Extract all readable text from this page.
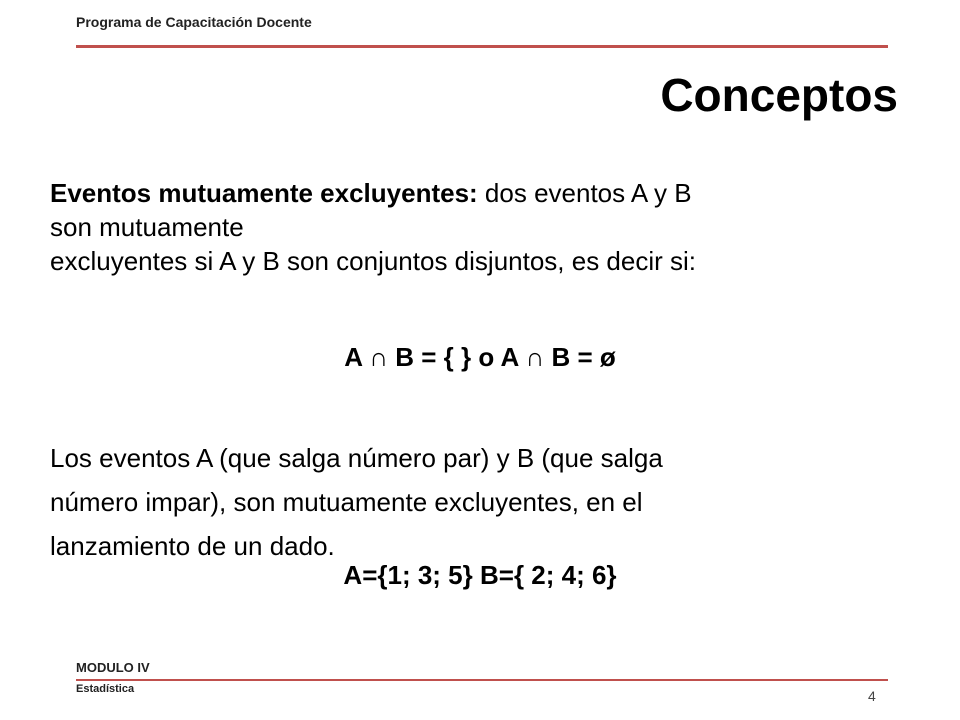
Programa de Capacitación Docente
Conceptos
Eventos mutuamente excluyentes: dos eventos A y B
son mutuamente
excluyentes si A y B son conjuntos disjuntos, es decir si:
A ∩ B = { } o A ∩ B = ø
Los eventos A (que salga número par) y B (que salga
número impar), son mutuamente excluyentes, en el
lanzamiento de un dado.
A={1; 3; 5} B={ 2; 4; 6}
MODULO IV
Estadística	4
